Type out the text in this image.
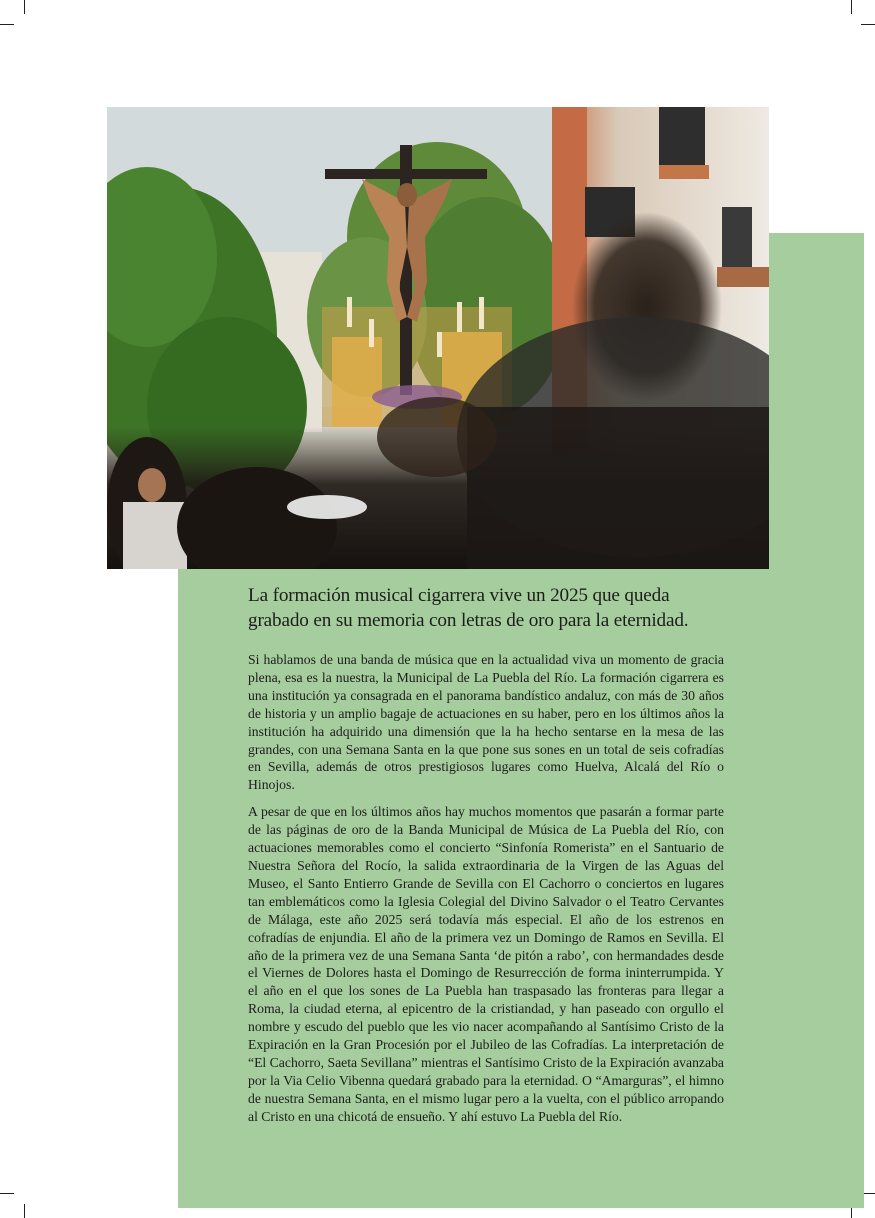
La formación musical cigarrera vive un 2025 que queda grabado en su memoria con letras de oro para la eternidad.

Si hablamos de una banda de música que en la actualidad viva un momento de gracia plena, esa es la nuestra, la Municipal de La Puebla del Río. La formación cigarrera es una institución ya consagrada en el panorama bandístico andaluz, con más de 30 años de historia y un amplio bagaje de actuaciones en su haber, pero en los últimos años la institución ha adquirido una dimensión que la ha hecho sentarse en la mesa de las grandes, con una Semana Santa en la que pone sus sones en un total de seis cofradías en Sevilla, además de otros prestigiosos lugares como Huelva, Alcalá del Río o Hinojos.

A pesar de que en los últimos años hay muchos momentos que pasarán a formar parte de las páginas de oro de la Banda Municipal de Música de La Puebla del Río, con actuaciones memorables como el concierto “Sinfonía Romerista” en el Santuario de Nuestra Señora del Rocío, la salida extraordinaria de la Virgen de las Aguas del Museo, el Santo Entierro Grande de Sevilla con El Cachorro o conciertos en lugares tan emblemáticos como la Iglesia Colegial del Divino Salvador o el Teatro Cervantes de Málaga, este año 2025 será todavía más especial. El año de los estrenos en cofradías de enjundia. El año de la primera vez un Domingo de Ramos en Sevilla. El año de la primera vez de una Semana Santa ‘de pitón a rabo’, con hermandades desde el Viernes de Dolores hasta el Domingo de Resurrección de forma ininterrumpida. Y el año en el que los sones de La Puebla han traspasado las fronteras para llegar a Roma, la ciudad eterna, al epicentro de la cristiandad, y han paseado con orgullo el nombre y escudo del pueblo que les vio nacer acompañando al Santísimo Cristo de la Expiración en la Gran Procesión por el Jubileo de las Cofradías. La interpretación de “El Cachorro, Saeta Sevillana” mientras el Santísimo Cristo de la Expiración avanzaba por la Via Celio Vibenna quedará grabado para la eternidad. O “Amarguras”, el himno de nuestra Semana Santa, en el mismo lugar pero a la vuelta, con el público arropando al Cristo en una chicotá de ensueño. Y ahí estuvo La Puebla del Río.
